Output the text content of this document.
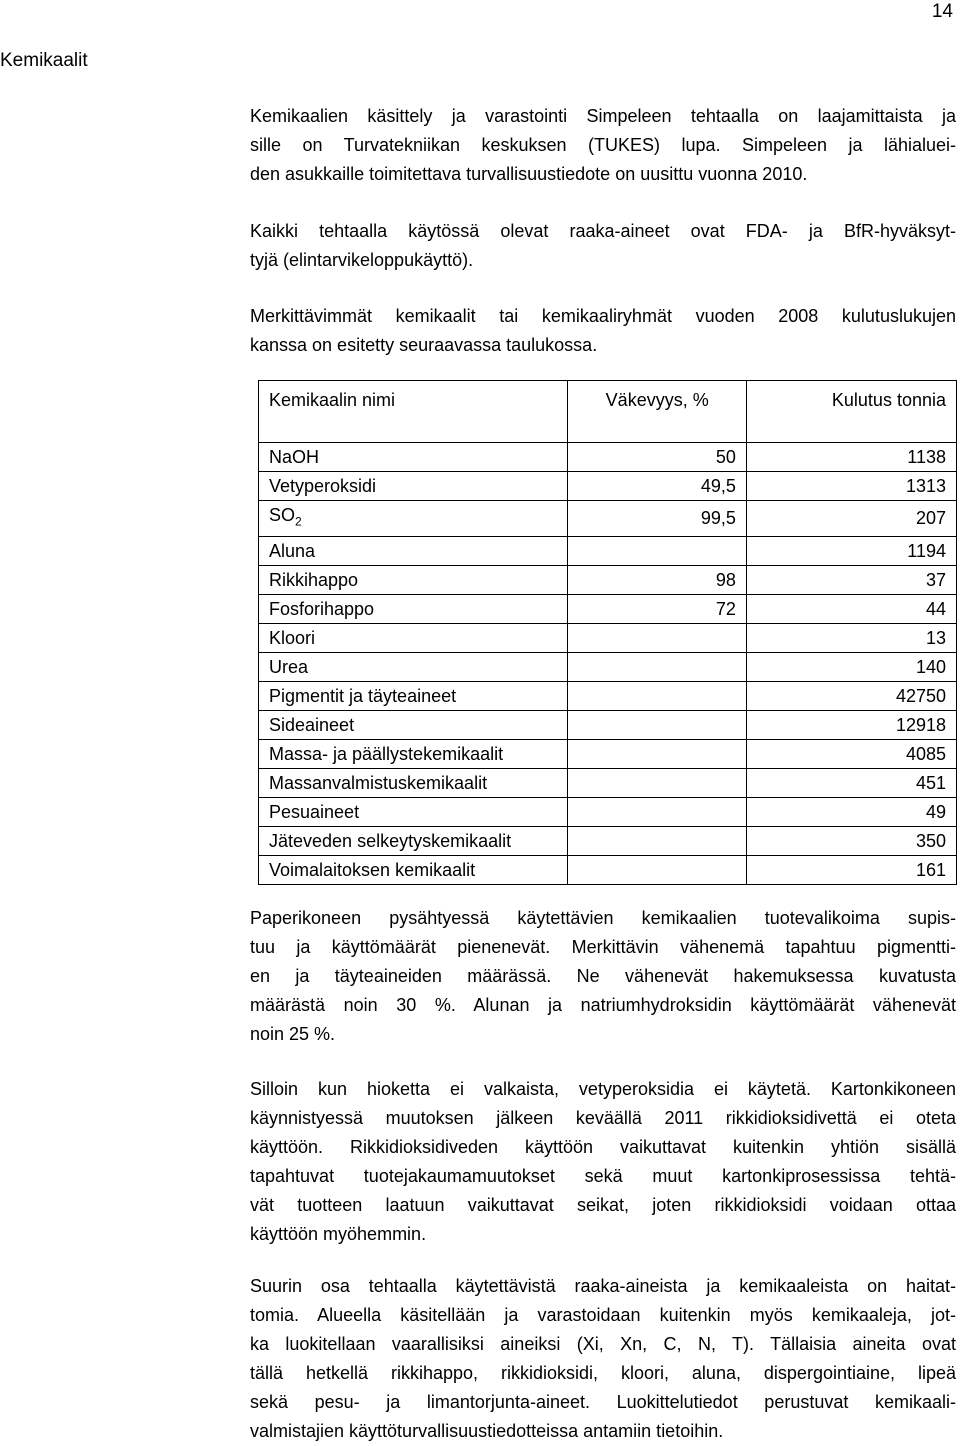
14
Kemikaalit
Kemikaalien käsittely ja varastointi Simpeleen tehtaalla on laajamittaista ja
sille on Turvatekniikan keskuksen (TUKES) lupa. Simpeleen ja lähialuei-
den asukkaille toimitettava turvallisuustiedote on uusittu vuonna 2010.
Kaikki tehtaalla käytössä olevat raaka-aineet ovat FDA- ja BfR-hyväksyt-
tyjä (elintarvikeloppukäyttö).
Merkittävimmät kemikaalit tai kemikaaliryhmät vuoden 2008 kulutuslukujen
kanssa on esitetty seuraavassa taulukossa.
Kemikaalin nimi	Väkevyys, %	Kulutus tonnia

NaOH	50	1138
Vetyperoksidi	49,5	1313
$SO_2$	99,5	207
Aluna		1194
Rikkihappo	98	37
Fosforihappo	72	44
Kloori		13
Urea		140
Pigmentit ja täyteaineet		42750
Sideaineet		12918
Massa- ja päällystekemikaalit		4085
Massanvalmistuskemikaalit		451
Pesuaineet		49
Jäteveden selkeytyskemikaalit		350
Voimalaitoksen kemikaalit		161
Paperikoneen pysähtyessä käytettävien kemikaalien tuotevalikoima supis-
tuu ja käyttömäärät pienenevät. Merkittävin vähenemä tapahtuu pigmentti-
en ja täyteaineiden määrässä. Ne vähenevät hakemuksessa kuvatusta
määrästä noin 30 %. Alunan ja natriumhydroksidin käyttömäärät vähenevät
noin 25 %.
Silloin kun hioketta ei valkaista, vetyperoksidia ei käytetä. Kartonkikoneen
käynnistyessä muutoksen jälkeen keväällä 2011 rikkidioksidivettä ei oteta
käyttöön. Rikkidioksidiveden käyttöön vaikuttavat kuitenkin yhtiön sisällä
tapahtuvat tuotejakaumamuutokset sekä muut kartonkiprosessissa tehtä-
vät tuotteen laatuun vaikuttavat seikat, joten rikkidioksidi voidaan ottaa
käyttöön myöhemmin.
Suurin osa tehtaalla käytettävistä raaka-aineista ja kemikaaleista on haitat-
tomia. Alueella käsitellään ja varastoidaan kuitenkin myös kemikaaleja, jot-
ka luokitellaan vaarallisiksi aineiksi (Xi, Xn, C, N, T). Tällaisia aineita ovat
tällä hetkellä rikkihappo, rikkidioksidi, kloori, aluna, dispergointiaine, lipeä
sekä pesu- ja limantorjunta-aineet. Luokittelutiedot perustuvat kemikaali-
valmistajien käyttöturvallisuustiedotteissa antamiin tietoihin.
